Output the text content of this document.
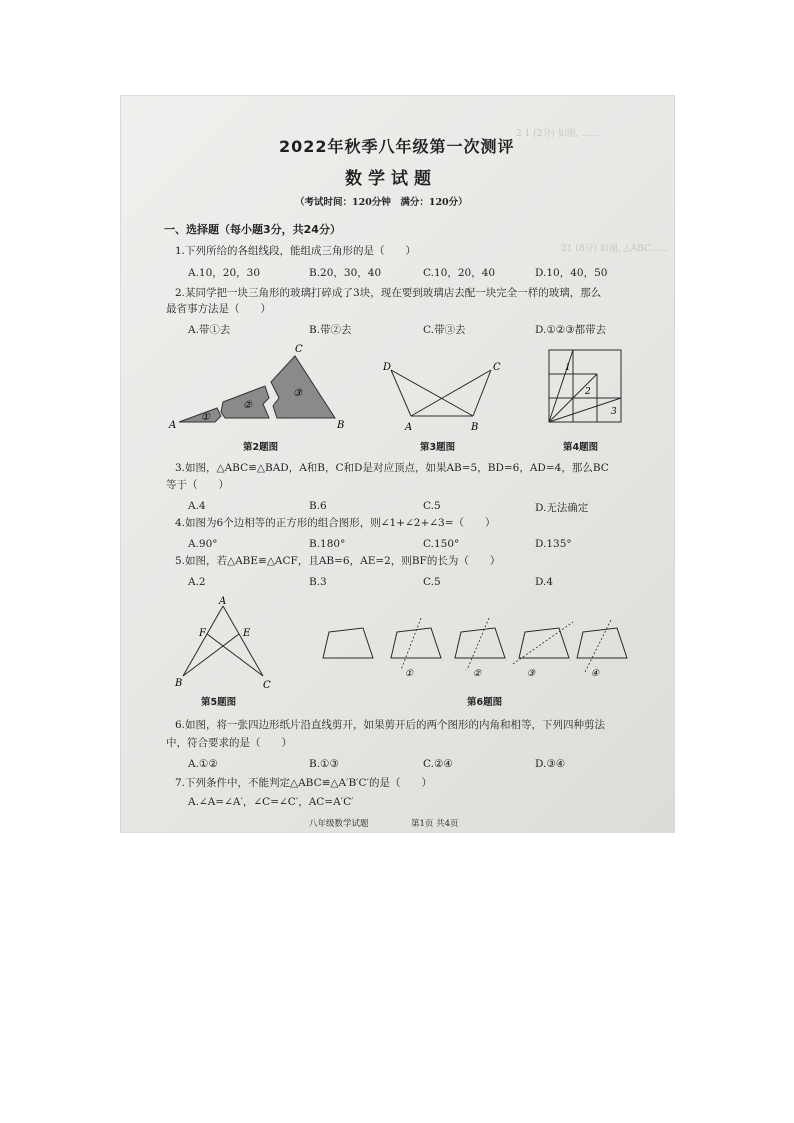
2 1 (2分) 如图, ……
21 (8分) 如图, △ABC……
2022年秋季八年级第一次测评
数学试题
（考试时间：120分钟　满分：120分）
一、选择题（每小题3分，共24分）
1.下列所给的各组线段，能组成三角形的是（　　）
A.10，20，30	B.20，30，40	C.10，20，40	D.10，40，50
2.某同学把一块三角形的玻璃打碎成了3块，现在要到玻璃店去配一块完全一样的玻璃，那么
最省事方法是（　　）
A.带①去	B.带②去	C.带③去	D.①②③都带去
A	B
C
①
②
③
第2题图
A	B
C
D
第3题图
1
2
3
第4题图
3.如图，△ABC≌△BAD，A和B，C和D是对应顶点，如果AB=5，BD=6，AD=4，那么BC
等于（　　）
A.4	B.6	C.5	D.无法确定
4.如图为6个边相等的正方形的组合图形，则∠1+∠2+∠3=（　　）
A.90°	B.180°	C.150°	D.135°
5.如图，若△ABE≌△ACF，且AB=6，AE=2，则BF的长为（　　）
A.2	B.3	C.5	D.4
A
B	C
E
F
第5题图
①	②	③	④
第6题图
6.如图，将一张四边形纸片沿直线剪开，如果剪开后的两个图形的内角和相等，下列四种剪法
中，符合要求的是（　　）
A.①②	B.①③	C.②④	D.③④
7.下列条件中，不能判定△ABC≌△A′B′C′的是（　　）
A.∠A=∠A′，∠C=∠C′，AC=A′C′
八年级数学试题	第1页 共4页
